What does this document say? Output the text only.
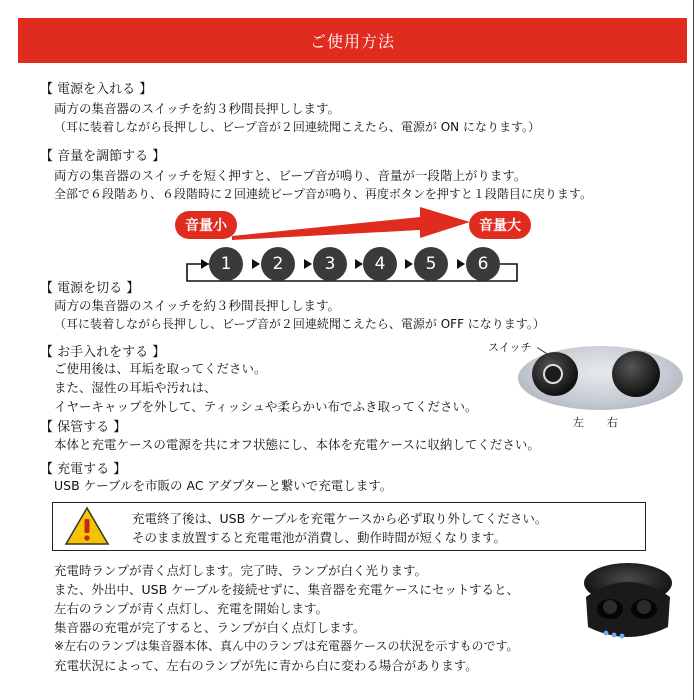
ご使用方法
【 電源を入れる 】
両方の集音器のスイッチを約３秒間長押しします。
（耳に装着しながら長押しし、ビープ音が２回連続聞こえたら、電源が ON になります。）
【 音量を調節する 】
両方の集音器のスイッチを短く押すと、ビープ音が鳴り、音量が一段階上がります。
全部で６段階あり、６段階時に２回連続ビープ音が鳴り、再度ボタンを押すと１段階目に戻ります。
音量小	音量大
1 2 3 4 5 6
【 電源を切る 】
両方の集音器のスイッチを約３秒間長押しします。
（耳に装着しながら長押しし、ビープ音が２回連続聞こえたら、電源が OFF になります。）
【 お手入れをする 】
ご使用後は、耳垢を取ってください。
また、湿性の耳垢や汚れは、
イヤーキャップを外して、ティッシュや柔らかい布でふき取ってください。
スイッチ
左 右
【 保管する 】
本体と充電ケースの電源を共にオフ状態にし、本体を充電ケースに収納してください。
【 充電する 】
USB ケーブルを市販の AC アダプターと繋いで充電します。
充電終了後は、USB ケーブルを充電ケースから必ず取り外してください。
そのまま放置すると充電電池が消費し、動作時間が短くなります。
充電時ランプが青く点灯します。完了時、ランプが白く光ります。
また、外出中、USB ケーブルを接続せずに、集音器を充電ケースにセットすると、
左右のランプが青く点灯し、充電を開始します。
集音器の充電が完了すると、ランプが白く点灯します。
※左右のランプは集音器本体、真ん中のランプは充電器ケースの状況を示すものです。
充電状況によって、左右のランプが先に青から白に変わる場合があります。
